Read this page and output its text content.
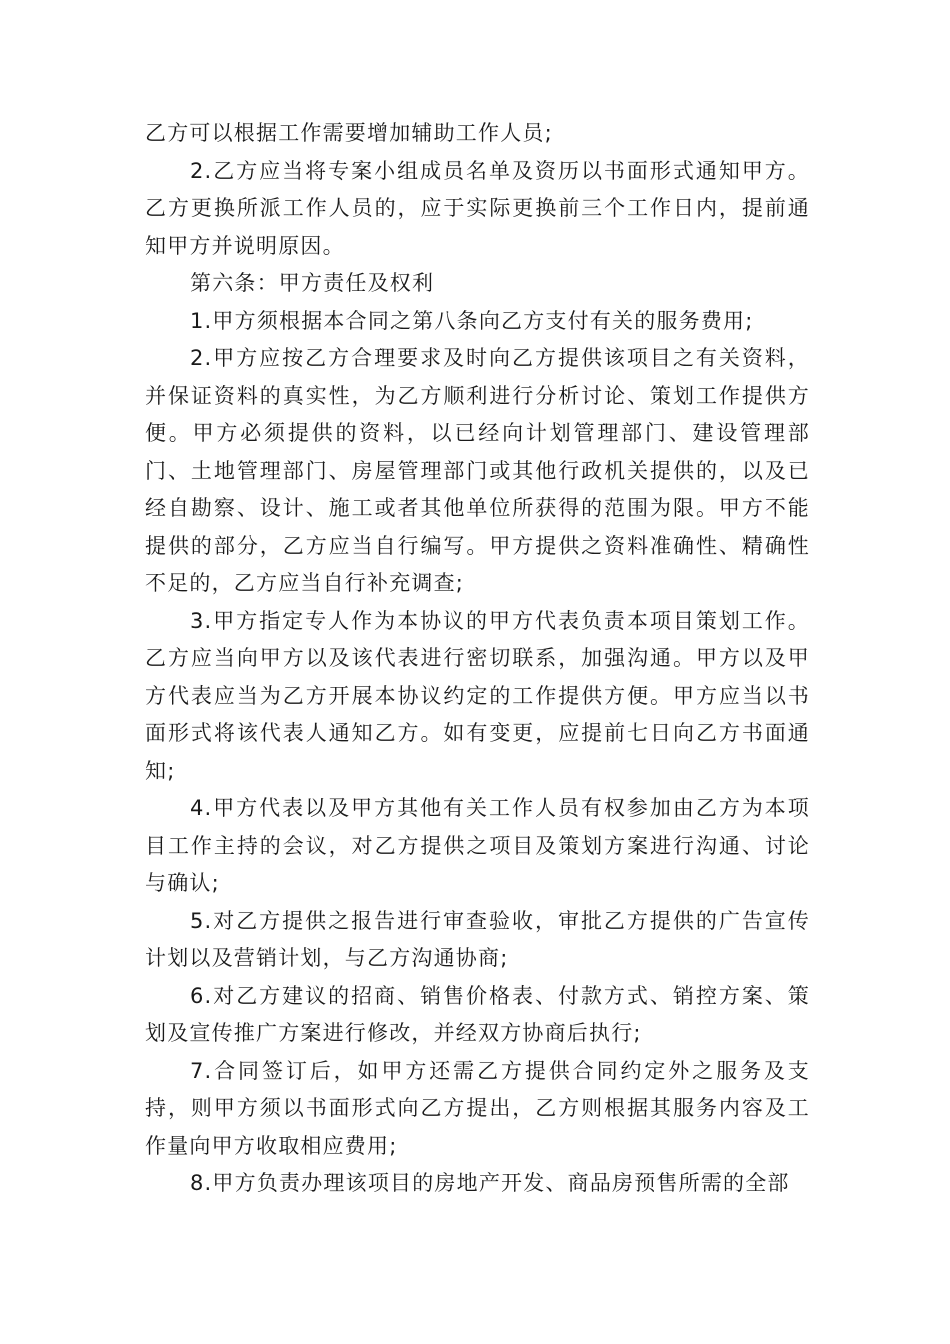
乙方可以根据工作需要增加辅助工作人员;

2.乙方应当将专案小组成员名单及资历以书面形式通知甲方。乙方更换所派工作人员的，应于实际更换前三个工作日内，提前通知甲方并说明原因。

第六条：甲方责任及权利

1.甲方须根据本合同之第八条向乙方支付有关的服务费用;

2.甲方应按乙方合理要求及时向乙方提供该项目之有关资料，并保证资料的真实性，为乙方顺利进行分析讨论、策划工作提供方便。甲方必须提供的资料，以已经向计划管理部门、建设管理部门、土地管理部门、房屋管理部门或其他行政机关提供的，以及已经自勘察、设计、施工或者其他单位所获得的范围为限。甲方不能提供的部分，乙方应当自行编写。甲方提供之资料准确性、精确性不足的，乙方应当自行补充调查;

3.甲方指定专人作为本协议的甲方代表负责本项目策划工作。乙方应当向甲方以及该代表进行密切联系，加强沟通。甲方以及甲方代表应当为乙方开展本协议约定的工作提供方便。甲方应当以书面形式将该代表人通知乙方。如有变更，应提前七日向乙方书面通知;

4.甲方代表以及甲方其他有关工作人员有权参加由乙方为本项目工作主持的会议，对乙方提供之项目及策划方案进行沟通、讨论与确认;

5.对乙方提供之报告进行审查验收，审批乙方提供的广告宣传计划以及营销计划，与乙方沟通协商;

6.对乙方建议的招商、销售价格表、付款方式、销控方案、策划及宣传推广方案进行修改，并经双方协商后执行;

7.合同签订后，如甲方还需乙方提供合同约定外之服务及支持，则甲方须以书面形式向乙方提出，乙方则根据其服务内容及工作量向甲方收取相应费用;

8.甲方负责办理该项目的房地产开发、商品房预售所需的全部
